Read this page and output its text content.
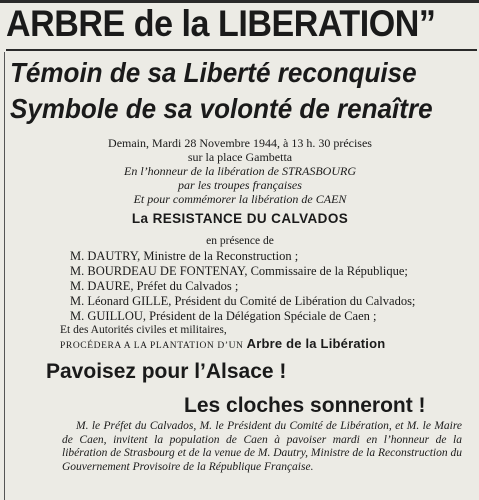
ARBRE de la LIBERATION”
Témoin de sa Liberté reconquise
Symbole de sa volonté de renaître
Demain, Mardi 28 Novembre 1944, à 13 h. 30 précises
sur la place Gambetta
En l’honneur de la libération de STRASBOURG
par les troupes françaises
Et pour commémorer la libération de CAEN
La RESISTANCE DU CALVADOS
en présence de
M. DAUTRY, Ministre de la Reconstruction ;
M. BOURDEAU DE FONTENAY, Commissaire de la République;
M. DAURE, Préfet du Calvados ;
M. Léonard GILLE, Président du Comité de Libération du Calvados;
M. GUILLOU, Président de la Délégation Spéciale de Caen ;
Et des Autorités civiles et militaires,
PROCÉDERA A LA PLANTATION D’UN Arbre de la Libération
Pavoisez pour l’Alsace !
Les cloches sonneront !
M. le Préfet du Calvados, M. le Président du Comité de Libération, et M. le Maire de Caen, invitent la population de Caen à pavoiser mardi en l’honneur de la libération de Strasbourg et de la venue de M. Dautry, Ministre de la Reconstruction du Gouvernement Provisoire de la République Française.
